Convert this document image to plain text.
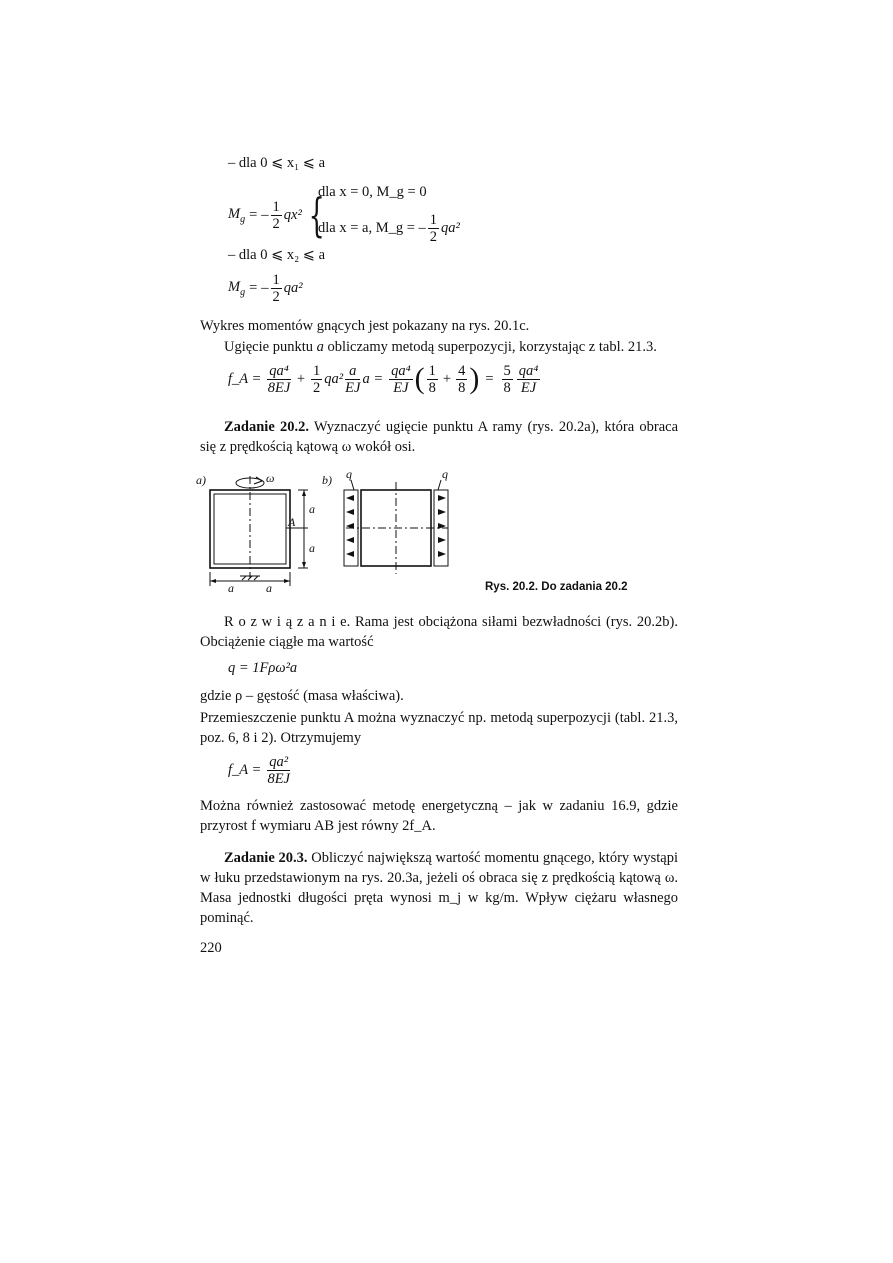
– dla 0 ⩽ x₁ ⩽ a
$M_g$ = – $\frac{1}{2} qx^2$ {
dla x = 0, M_g = 0
dla x = a, M_g = – $\frac{1}{2} qa^2$
– dla 0 ⩽ x₂ ⩽ a
$M_g$ = – $\frac{1}{2} qa^2$
Wykres momentów gnących jest pokazany na rys. 20.1c.
Ugięcie punktu a obliczamy metodą superpozycji, korzystając z tabl. 21.3.
f_A = $\frac{\text{qa⁴}}{8EJ} + \frac{1}{2} qa^2 \frac{a}{EJ}$ $a = \frac{\text{qa⁴}}{EJ}$ ( $\frac{1}{8} + \frac{4}{8}$ ) = $\frac{5}{8} \frac{\text{qa⁴}}{EJ}$
Zadanie 20.2. Wyznaczyć ugięcie punktu A ramy (rys. 20.2a), która obraca się z prędkością kątową ω wokół osi.
a)	b)
ω
A
a
a
a	a
q	q
Rys. 20.2. Do zadania 20.2
R o z w i ą z a n i e. Rama jest obciążona siłami bezwładności (rys. 20.2b). Obciążenie ciągłe ma wartość
q = 1Fρω²a
gdzie ρ – gęstość (masa właściwa).
Przemieszczenie punktu A można wyznaczyć np. metodą superpozycji (tabl. 21.3, poz. 6, 8 i 2). Otrzymujemy
f_A = $\frac{\text{qa²}}{8EJ}$
Można również zastosować metodę energetyczną – jak w zadaniu 16.9, gdzie przyrost f wymiaru AB jest równy 2f_A.
Zadanie 20.3. Obliczyć największą wartość momentu gnącego, który wystąpi w łuku przedstawionym na rys. 20.3a, jeżeli oś obraca się z prędkością kątową ω. Masa jednostki długości pręta wynosi m_j w kg/m. Wpływ ciężaru własnego pominąć.
220
